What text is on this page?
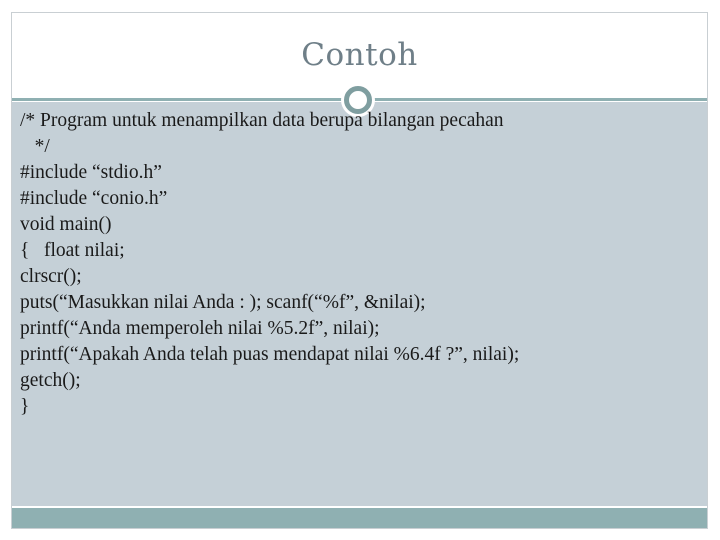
Contoh
/* Program untuk menampilkan data berupa bilangan pecahan
*/
#include “stdio.h”
#include “conio.h”
void main()
{   float nilai;
clrscr();
puts(“Masukkan nilai Anda : ); scanf(“%f”, &nilai);
printf(“Anda memperoleh nilai %5.2f”, nilai);
printf(“Apakah Anda telah puas mendapat nilai %6.4f ?”, nilai);
getch();
}
